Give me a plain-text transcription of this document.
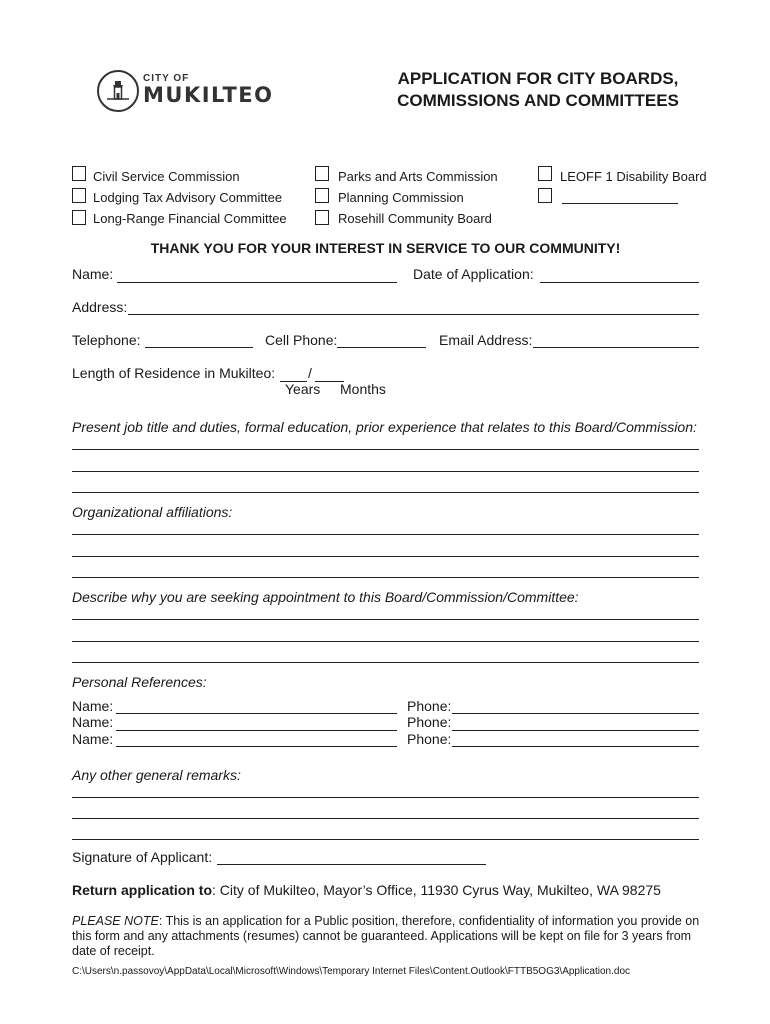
CITY OF
MUKILTEO
APPLICATION FOR CITY BOARDS,
COMMISSIONS AND COMMITTEES
Civil Service Commission
Lodging Tax Advisory Committee
Long-Range Financial Committee
Parks and Arts Commission
Planning Commission
Rosehill Community Board
LEOFF 1 Disability Board
THANK YOU FOR YOUR INTEREST IN SERVICE TO OUR COMMUNITY!
Name:	Date of Application:
Address:
Telephone:	Cell Phone:	Email Address:
Length of Residence in Mukilteo: /
Years Months
Present job title and duties, formal education, prior experience that relates to this Board/Commission:
Organizational affiliations:
Describe why you are seeking appointment to this Board/Commission/Committee:
Personal References:
Name:	Phone:
Name:	Phone:
Name:	Phone:
Any other general remarks:
Signature of Applicant:
Return application to: City of Mukilteo, Mayor’s Office, 11930 Cyrus Way, Mukilteo, WA 98275
PLEASE NOTE: This is an application for a Public position, therefore, confidentiality of information you provide on this form and any attachments (resumes) cannot be guaranteed. Applications will be kept on file for 3 years from date of receipt.
C:\Users\n.passovoy\AppData\Local\Microsoft\Windows\Temporary Internet Files\Content.Outlook\FTTB5OG3\Application.doc
